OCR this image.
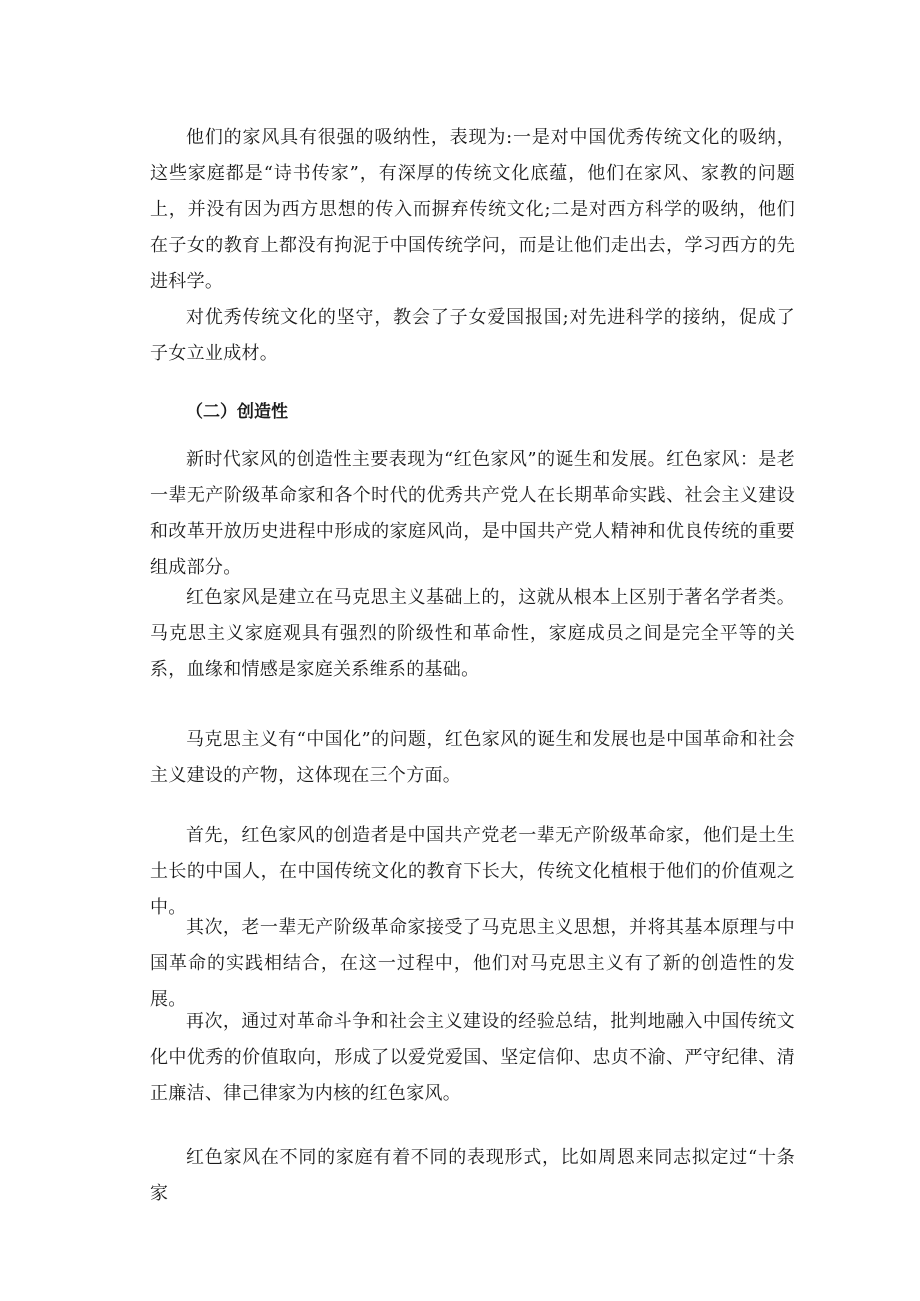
他们的家风具有很强的吸纳性，表现为:一是对中国优秀传统文化的吸纳，这些家庭都是“诗书传家”，有深厚的传统文化底蕴，他们在家风、家教的问题上，并没有因为西方思想的传入而摒弃传统文化;二是对西方科学的吸纳，他们在子女的教育上都没有拘泥于中国传统学问，而是让他们走出去，学习西方的先进科学。

对优秀传统文化的坚守，教会了子女爱国报国;对先进科学的接纳，促成了子女立业成材。

（二）创造性

新时代家风的创造性主要表现为“红色家风”的诞生和发展。红色家风：是老一辈无产阶级革命家和各个时代的优秀共产党人在长期革命实践、社会主义建设和改革开放历史进程中形成的家庭风尚，是中国共产党人精神和优良传统的重要组成部分。

红色家风是建立在马克思主义基础上的，这就从根本上区别于著名学者类。马克思主义家庭观具有强烈的阶级性和革命性，家庭成员之间是完全平等的关系，血缘和情感是家庭关系维系的基础。

马克思主义有“中国化”的问题，红色家风的诞生和发展也是中国革命和社会主义建设的产物，这体现在三个方面。

首先，红色家风的创造者是中国共产党老一辈无产阶级革命家，他们是土生土长的中国人，在中国传统文化的教育下长大，传统文化植根于他们的价值观之中。

其次，老一辈无产阶级革命家接受了马克思主义思想，并将其基本原理与中国革命的实践相结合，在这一过程中，他们对马克思主义有了新的创造性的发展。

再次，通过对革命斗争和社会主义建设的经验总结，批判地融入中国传统文化中优秀的价值取向，形成了以爱党爱国、坚定信仰、忠贞不渝、严守纪律、清正廉洁、律己律家为内核的红色家风。

红色家风在不同的家庭有着不同的表现形式，比如周恩来同志拟定过“十条家
